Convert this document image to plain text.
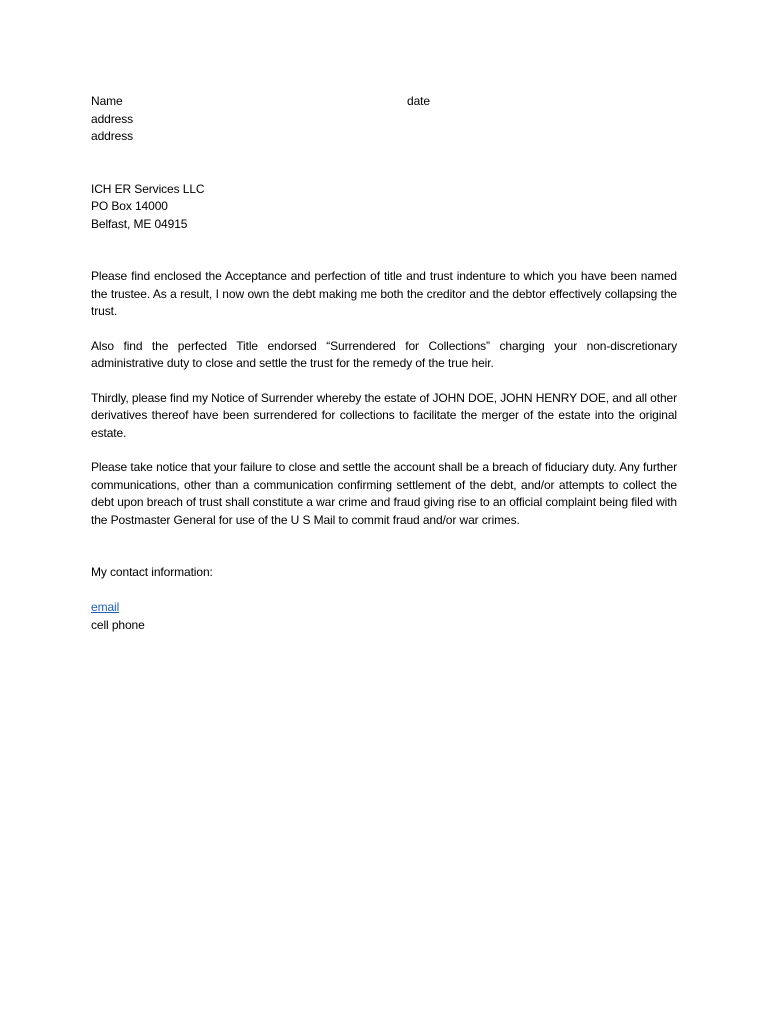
Name	date
address
address
ICH ER Services LLC
PO Box 14000
Belfast, ME 04915

Please find enclosed the Acceptance and perfection of title and trust indenture to which you have been named the trustee. As a result, I now own the debt making me both the creditor and the debtor effectively collapsing the trust.

Also find the perfected Title endorsed “Surrendered for Collections” charging your non-discretionary administrative duty to close and settle the trust for the remedy of the true heir.

Thirdly, please find my Notice of Surrender whereby the estate of JOHN DOE, JOHN HENRY DOE, and all other derivatives thereof have been surrendered for collections to facilitate the merger of the estate into the original estate.

Please take notice that your failure to close and settle the account shall be a breach of fiduciary duty. Any further communications, other than a communication confirming settlement of the debt, and/or attempts to collect the debt upon breach of trust shall constitute a war crime and fraud giving rise to an official complaint being filed with the Postmaster General for use of the U S Mail to commit fraud and/or war crimes.

My contact information:
email
cell phone
